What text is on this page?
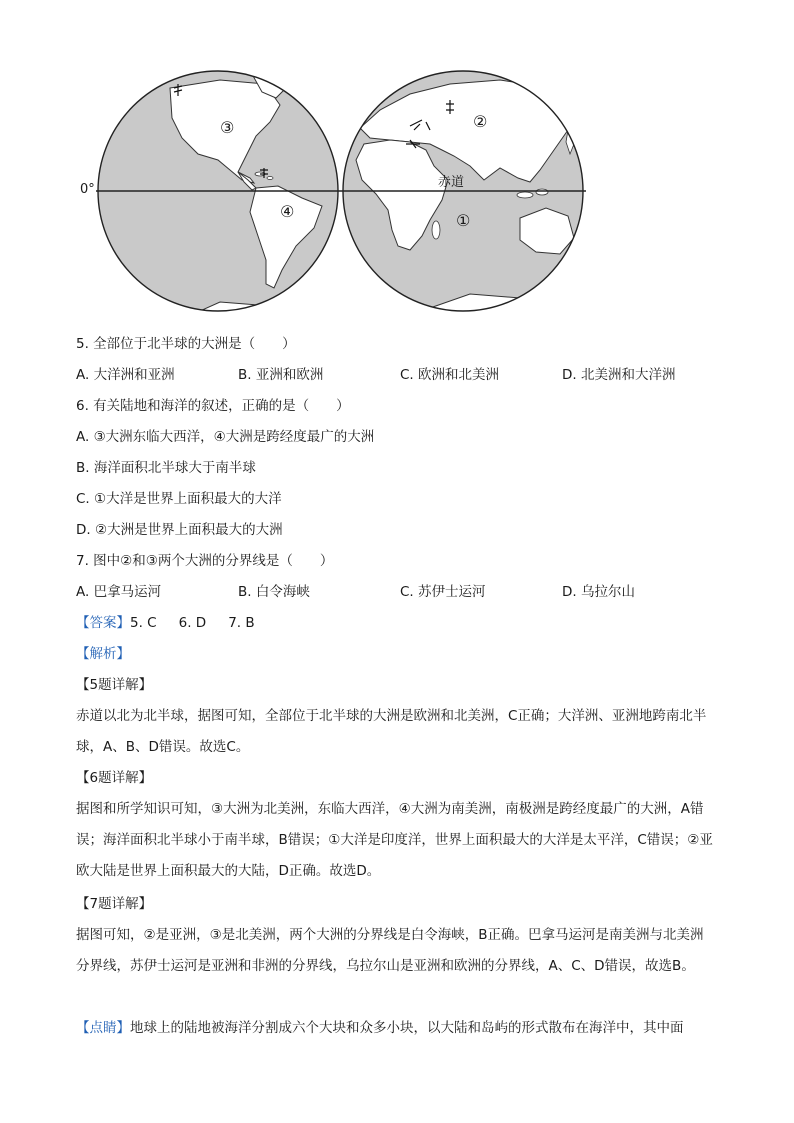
0°	赤道
③
④
②
①
5. 全部位于北半球的大洲是（　　）
A. 大洋洲和亚洲	B. 亚洲和欧洲	C. 欧洲和北美洲	D. 北美洲和大洋洲
6. 有关陆地和海洋的叙述，正确的是（　　）
A. ③大洲东临大西洋，④大洲是跨经度最广的大洲
B. 海洋面积北半球大于南半球
C. ①大洋是世界上面积最大的大洋
D. ②大洲是世界上面积最大的大洲
7. 图中②和③两个大洲的分界线是（　　）
A. 巴拿马运河	B. 白令海峡	C. 苏伊士运河	D. 乌拉尔山
【答案】5. C 6. D 7. B
【解析】
【5题详解】
赤道以北为北半球，据图可知，全部位于北半球的大洲是欧洲和北美洲，C正确；大洋洲、亚洲地跨南北半球，A、B、D错误。故选C。
【6题详解】
据图和所学知识可知，③大洲为北美洲，东临大西洋，④大洲为南美洲，南极洲是跨经度最广的大洲，A错误；海洋面积北半球小于南半球，B错误；①大洋是印度洋，世界上面积最大的大洋是太平洋，C错误；②亚欧大陆是世界上面积最大的大陆，D正确。故选D。
【7题详解】
据图可知，②是亚洲，③是北美洲，两个大洲的分界线是白令海峡，B正确。巴拿马运河是南美洲与北美洲分界线，苏伊士运河是亚洲和非洲的分界线，乌拉尔山是亚洲和欧洲的分界线，A、C、D错误，故选B。
【点睛】地球上的陆地被海洋分割成六个大块和众多小块，以大陆和岛屿的形式散布在海洋中，其中面
